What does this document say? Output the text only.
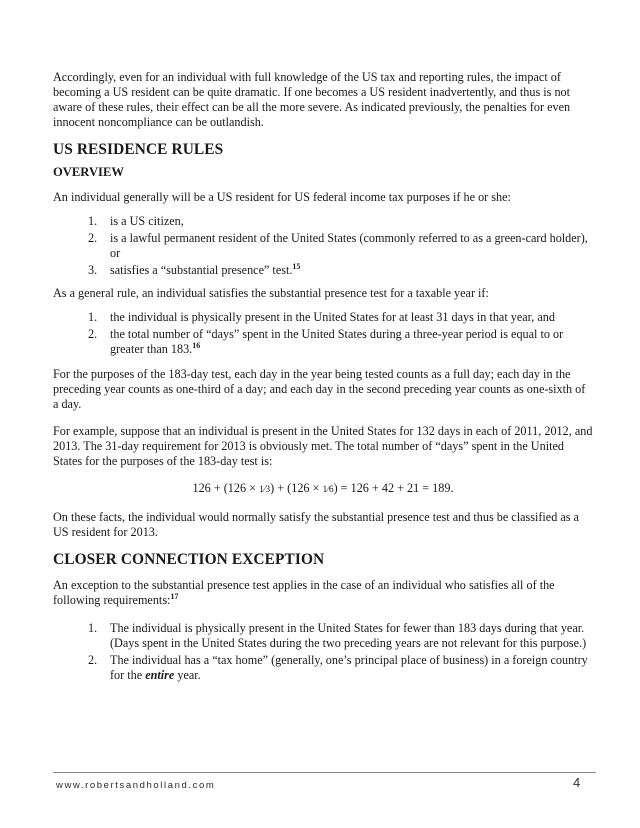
Accordingly, even for an individual with full knowledge of the US tax and reporting rules, the impact of becoming a US resident can be quite dramatic. If one becomes a US resident inadvertently, and thus is not aware of these rules, their effect can be all the more severe. As indicated previously, the penalties for even innocent noncompliance can be outlandish.

US RESIDENCE RULES
OVERVIEW

An individual generally will be a US resident for US federal income tax purposes if he or she:

1. is a US citizen,
2. is a lawful permanent resident of the United States (commonly referred to as a green-card holder), or
3. satisfies a “substantial presence” test.$^{15}$

As a general rule, an individual satisfies the substantial presence test for a taxable year if:

1. the individual is physically present in the United States for at least 31 days in that year, and
2. the total number of “days” spent in the United States during a three-year period is equal to or greater than 183.16

For the purposes of the 183-day test, each day in the year being tested counts as a full day; each day in the preceding year counts as one-third of a day; and each day in the second preceding year counts as one-sixth of a day.

For example, suppose that an individual is present in the United States for 132 days in each of 2011, 2012, and 2013. The 31-day requirement for 2013 is obviously met. The total number of “days” spent in the United States for the purposes of the 183-day test is:

126 + (126 × 1⁄3) + (126 × 1⁄6) = 126 + 42 + 21 = 189.

On these facts, the individual would normally satisfy the substantial presence test and thus be classified as a US resident for 2013.

CLOSER CONNECTION EXCEPTION

An exception to the substantial presence test applies in the case of an individual who satisfies all of the following requirements:$^{17}$

1. The individual is physically present in the United States for fewer than 183 days during that year. (Days spent in the United States during the two preceding years are not relevant for this purpose.)
2. The individual has a “tax home” (generally, one’s principal place of business) in a foreign country for the entire year.
www.robertsandholland.com	4
